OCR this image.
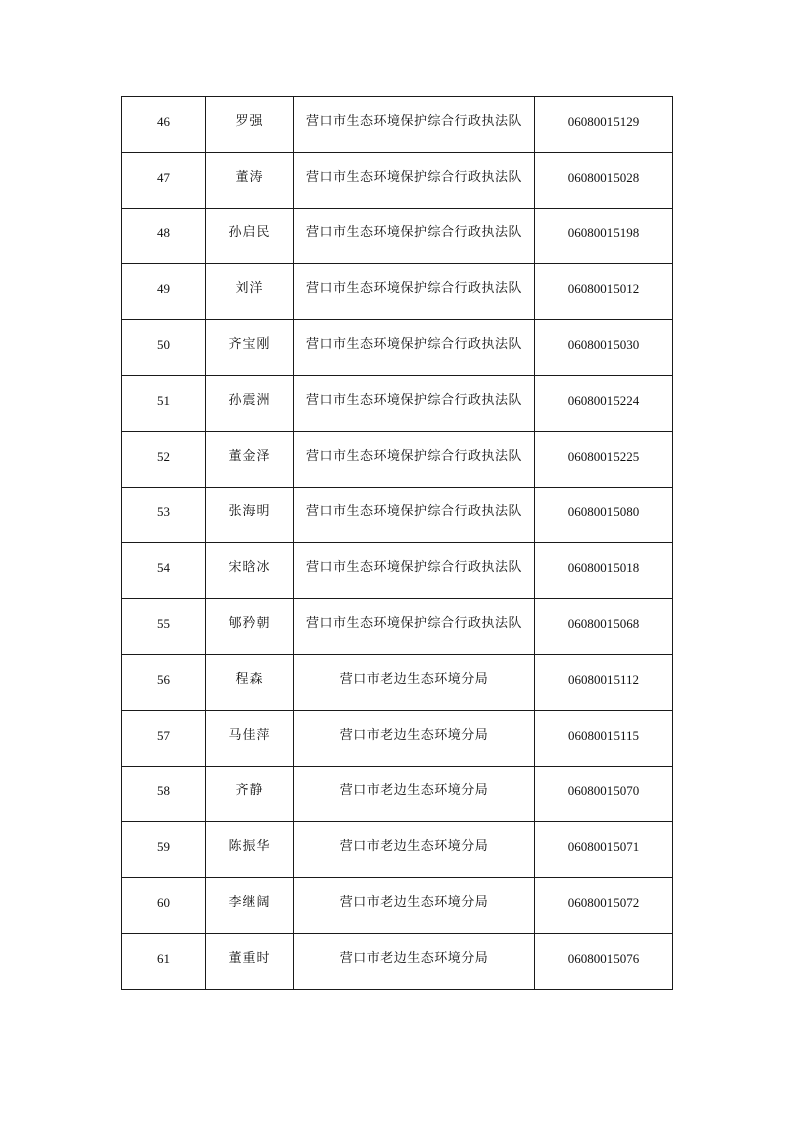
46	罗强	营口市生态环境保护综合行政执法队	06080015129
47	董涛	营口市生态环境保护综合行政执法队	06080015028
48	孙启民	营口市生态环境保护综合行政执法队	06080015198
49	刘洋	营口市生态环境保护综合行政执法队	06080015012
50	齐宝刚	营口市生态环境保护综合行政执法队	06080015030
51	孙震洲	营口市生态环境保护综合行政执法队	06080015224
52	董金泽	营口市生态环境保护综合行政执法队	06080015225
53	张海明	营口市生态环境保护综合行政执法队	06080015080
54	宋晗冰	营口市生态环境保护综合行政执法队	06080015018
55	郇矜朝	营口市生态环境保护综合行政执法队	06080015068
56	程森	营口市老边生态环境分局	06080015112
57	马佳萍	营口市老边生态环境分局	06080015115
58	齐静	营口市老边生态环境分局	06080015070
59	陈振华	营口市老边生态环境分局	06080015071
60	李继阔	营口市老边生态环境分局	06080015072
61	董重时	营口市老边生态环境分局	06080015076
